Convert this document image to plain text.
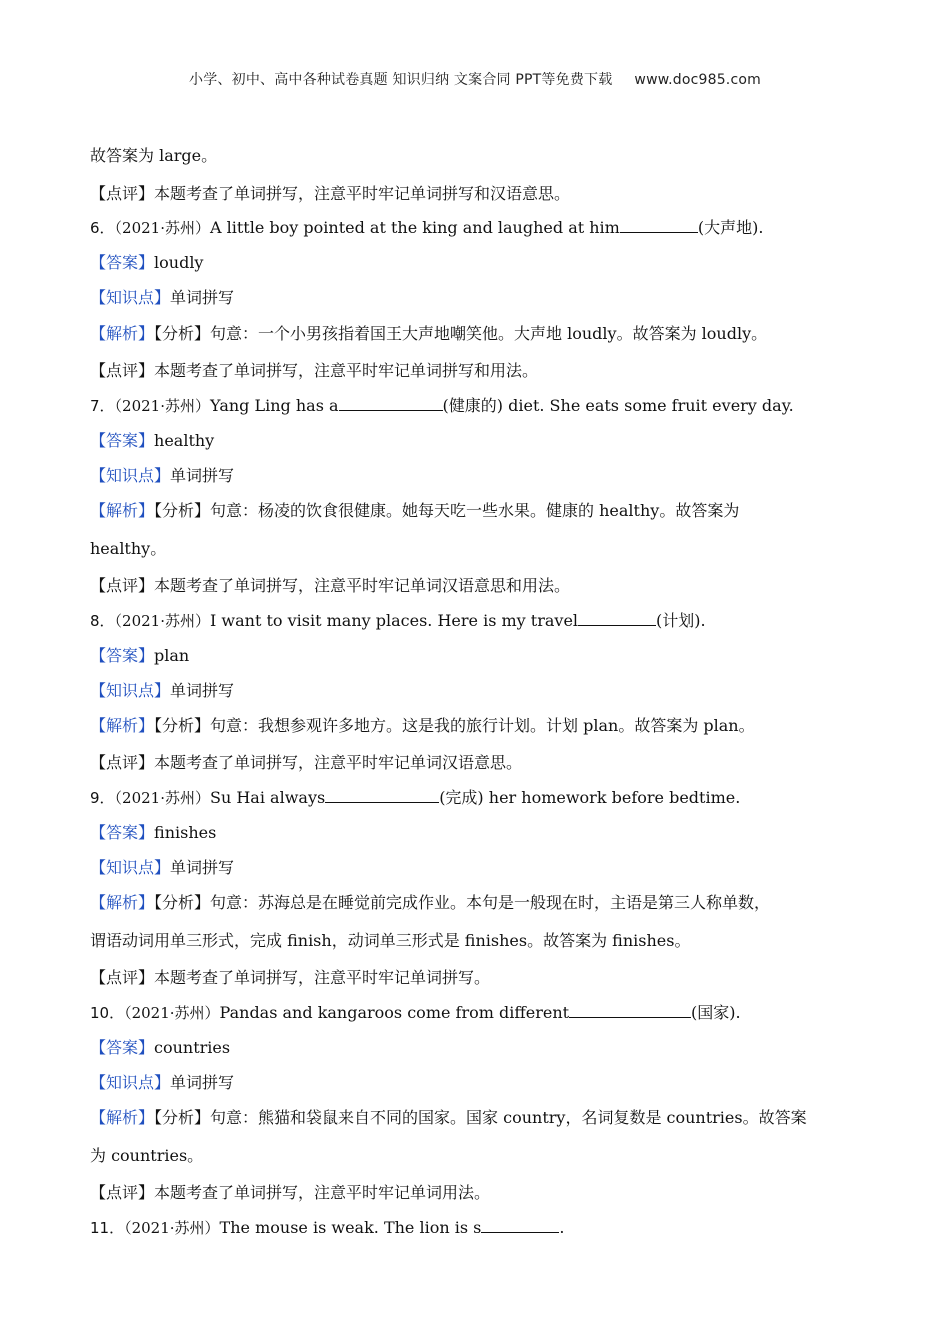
小学、初中、高中各种试卷真题 知识归纳 文案合同 PPT等免费下载 www.doc985.com
故答案为 large。
【点评】本题考查了单词拼写，注意平时牢记单词拼写和汉语意思。
6．（2021·苏州）A little boy pointed at the king and laughed at him	(大声地).
【答案】loudly
【知识点】单词拼写
【解析】【分析】句意：一个小男孩指着国王大声地嘲笑他。大声地 loudly。故答案为 loudly。
【点评】本题考查了单词拼写，注意平时牢记单词拼写和用法。
7．（2021·苏州）Yang Ling has a	(健康的) diet. She eats some fruit every day.
【答案】healthy
【知识点】单词拼写
【解析】【分析】句意：杨凌的饮食很健康。她每天吃一些水果。健康的 healthy。故答案为
healthy。
【点评】本题考查了单词拼写，注意平时牢记单词汉语意思和用法。
8．（2021·苏州）I want to visit many places. Here is my travel	(计划).
【答案】plan
【知识点】单词拼写
【解析】【分析】句意：我想参观许多地方。这是我的旅行计划。计划 plan。故答案为 plan。
【点评】本题考查了单词拼写，注意平时牢记单词汉语意思。
9．（2021·苏州）Su Hai always	(完成) her homework before bedtime.
【答案】finishes
【知识点】单词拼写
【解析】【分析】句意：苏海总是在睡觉前完成作业。本句是一般现在时，主语是第三人称单数，
谓语动词用单三形式，完成 finish，动词单三形式是 finishes。故答案为 finishes。
【点评】本题考查了单词拼写，注意平时牢记单词拼写。
10．（2021·苏州）Pandas and kangaroos come from different	(国家).
【答案】countries
【知识点】单词拼写
【解析】【分析】句意：熊猫和袋鼠来自不同的国家。国家 country，名词复数是 countries。故答案
为 countries。
【点评】本题考查了单词拼写，注意平时牢记单词用法。
11．（2021·苏州）The mouse is weak. The lion is s	.
